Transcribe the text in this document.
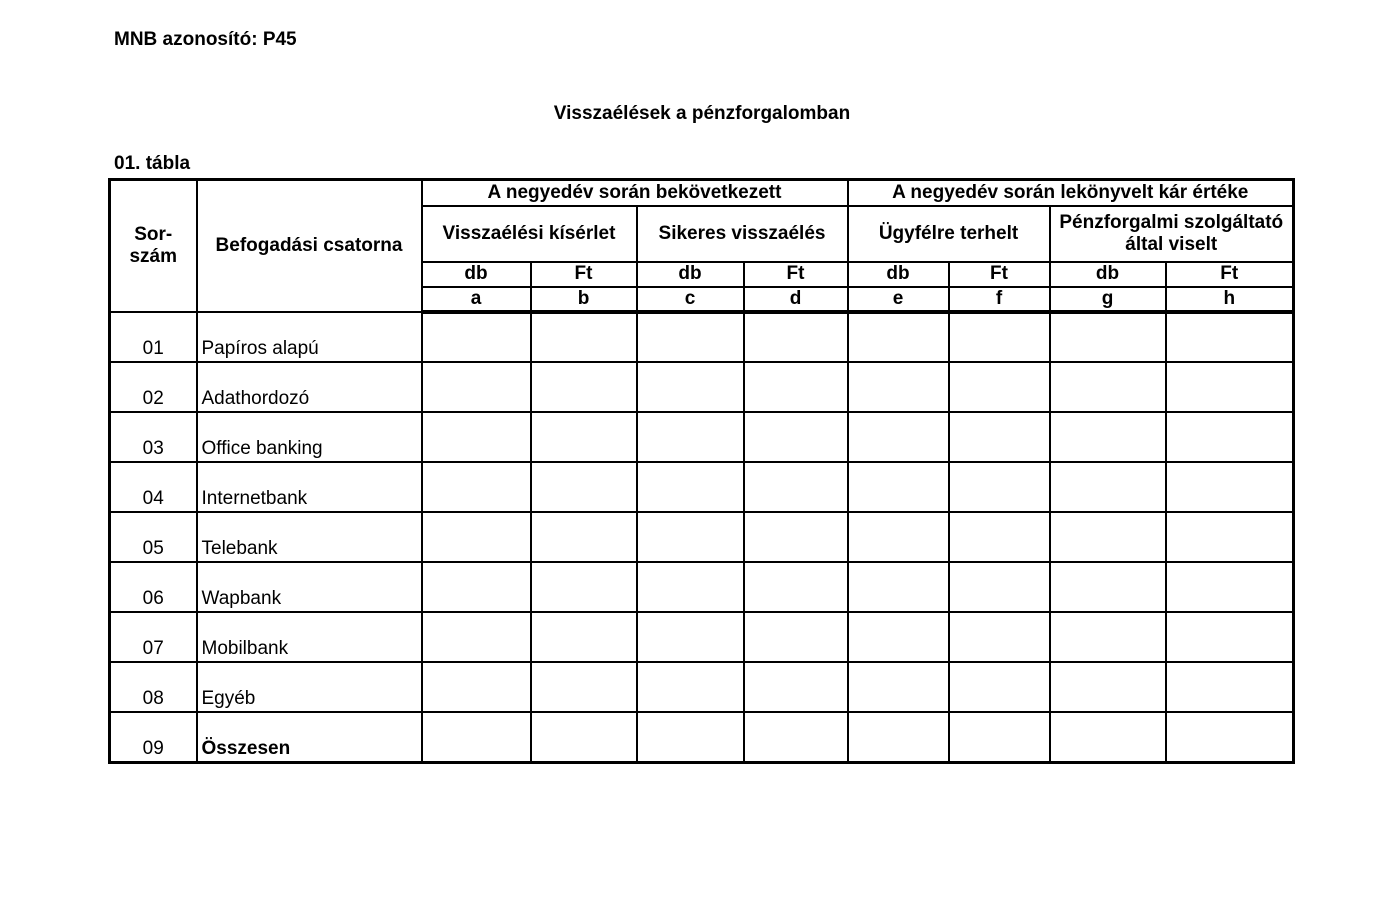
MNB azonosító: P45
Visszaélések a pénzforgalomban
01. tábla
Sor-
szám	Befogadási csatorna	A negyedév során bekövetkezett				A negyedév során lekönyvelt kár értéke			
		Visszaélési kísérlet		Sikeres visszaélés		Ügyfélre terhelt		Pénzforgalmi szolgáltató
által viselt	
		db	Ft	db	Ft	db	Ft	db	Ft
		a	b	c	d	e	f	g	h
01	Papíros alapú								
02	Adathordozó								
03	Office banking								
04	Internetbank								
05	Telebank								
06	Wapbank								
07	Mobilbank								
08	Egyéb								
09	Összesen								
